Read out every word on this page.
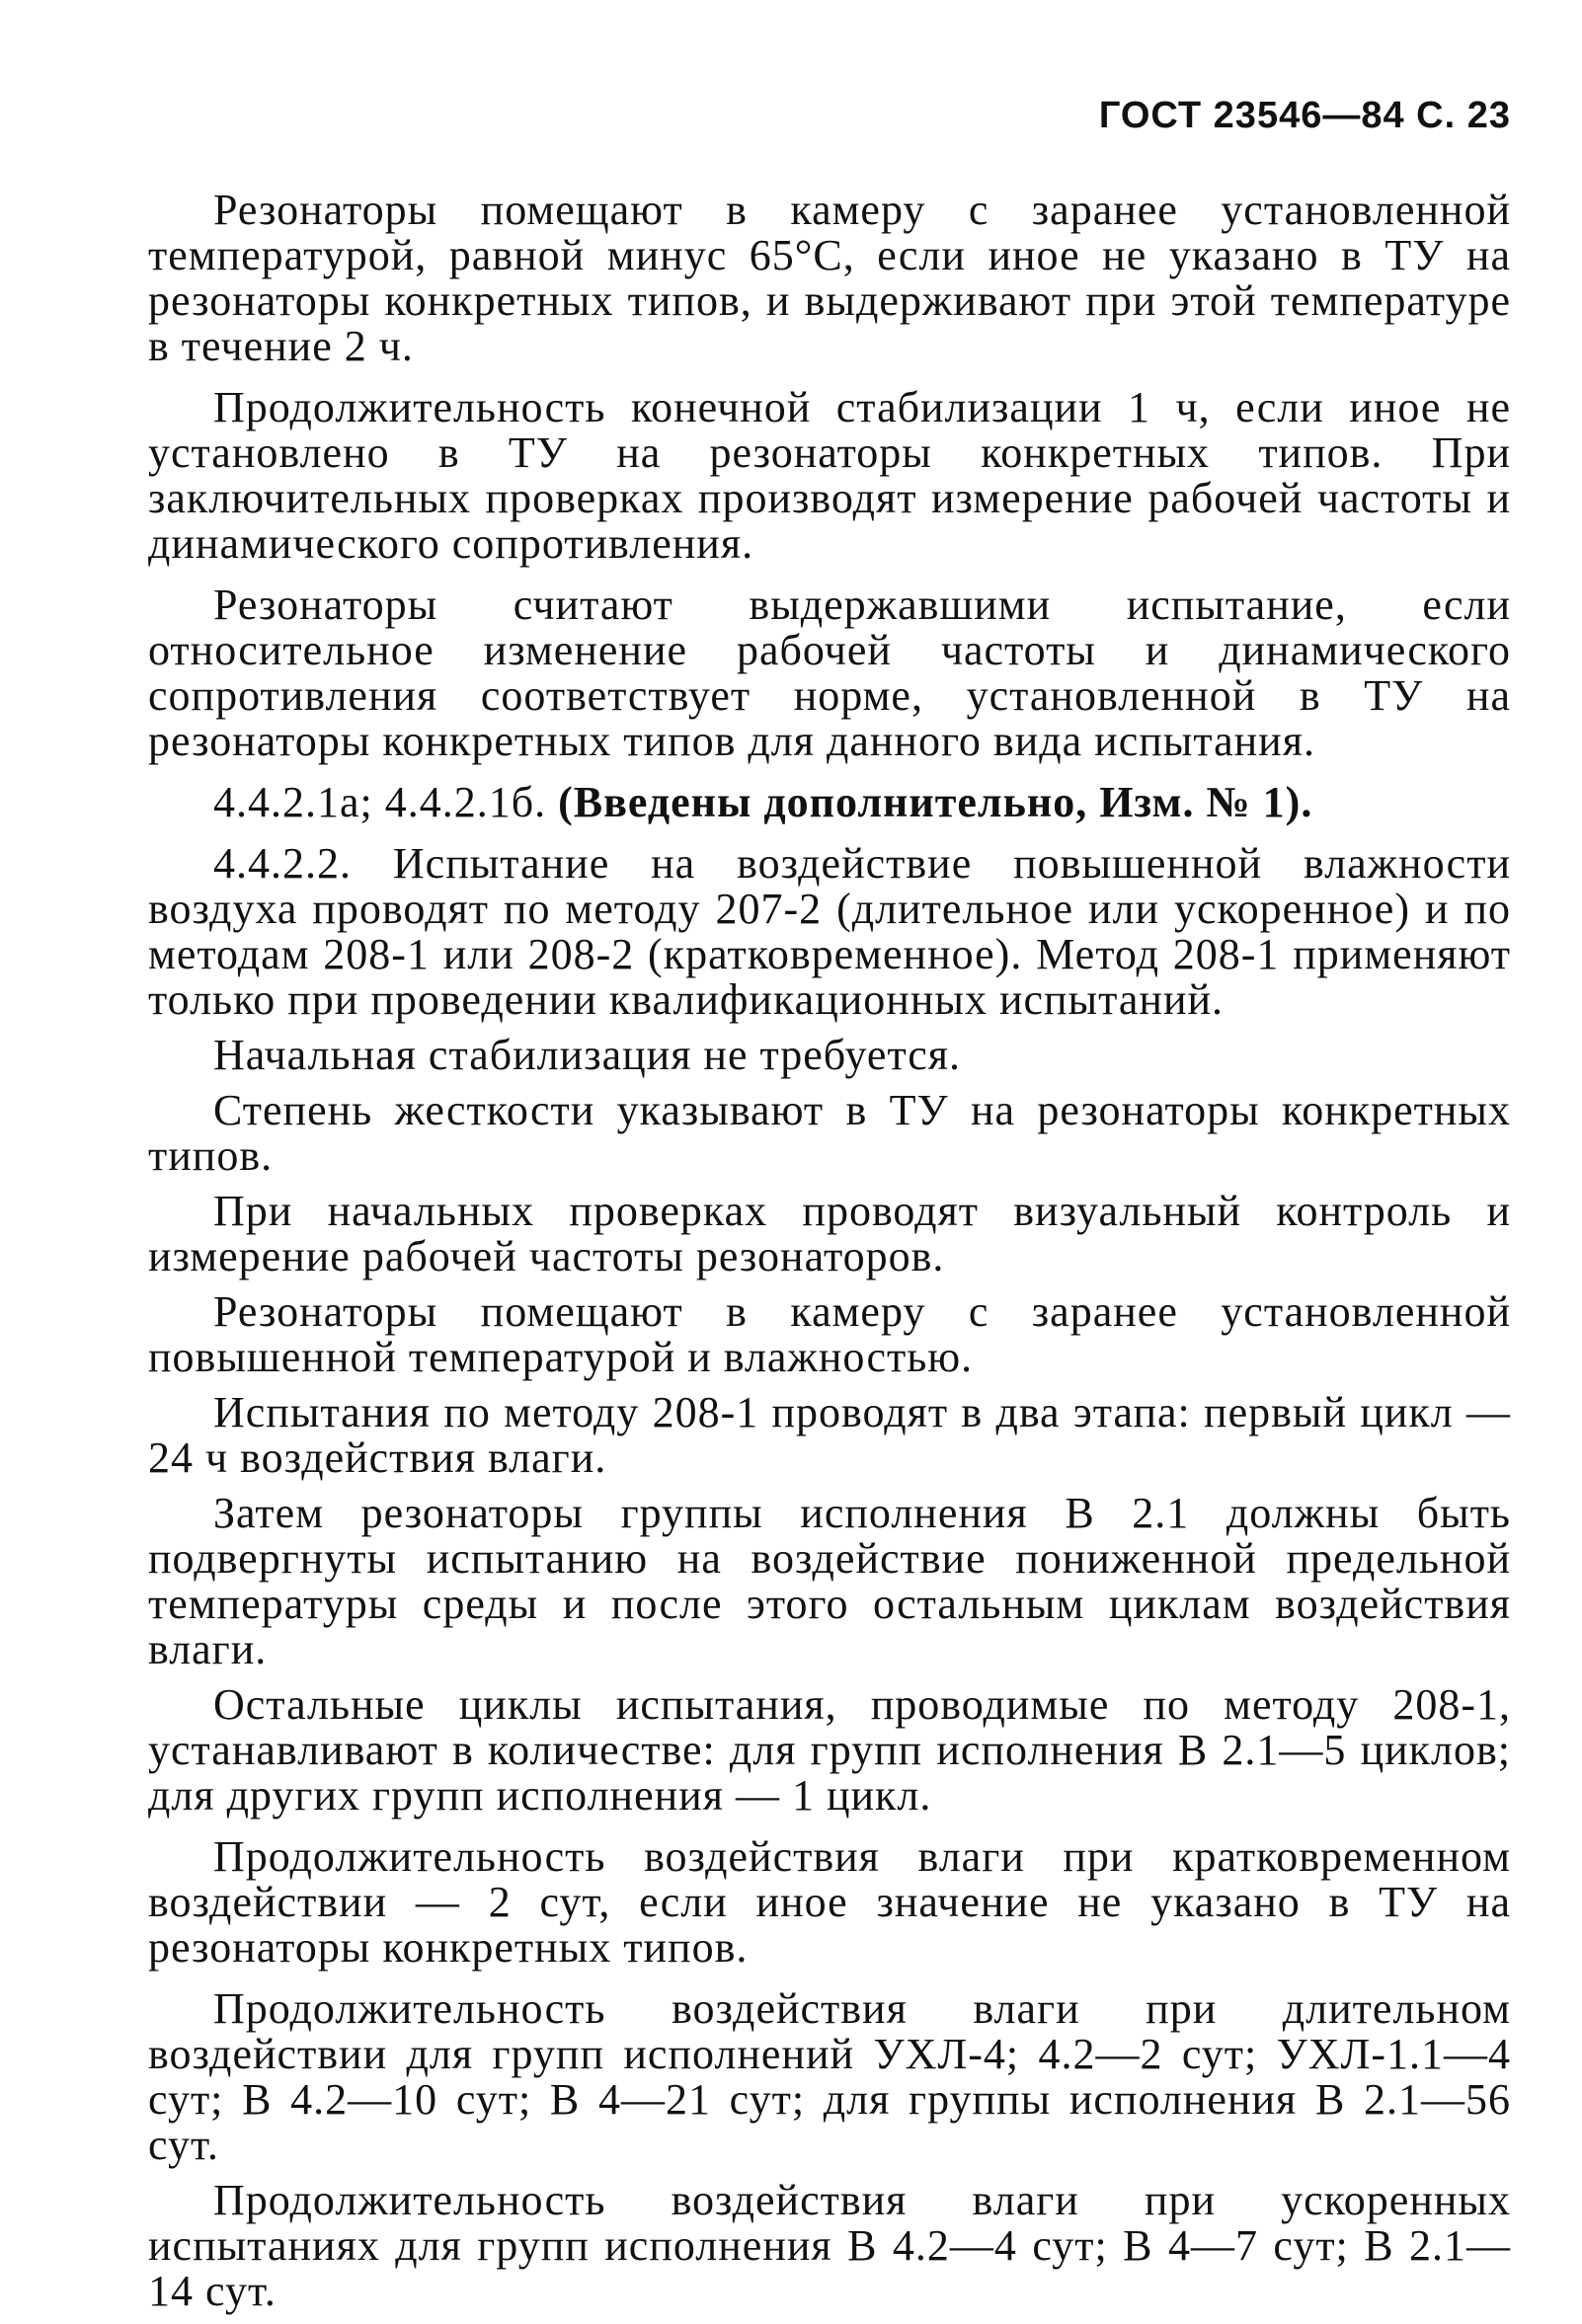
ГОСТ 23546—84 С. 23

Резонаторы помещают в камеру с заранее установленной температурой, равной минус 65°С, если иное не указано в ТУ на резонаторы конкретных типов, и выдерживают при этой температуре в течение 2 ч.

Продолжительность конечной стабилизации 1 ч, если иное не установлено в ТУ на резонаторы конкретных типов. При заключительных проверках производят измерение рабочей частоты и динамического сопротивления.

Резонаторы считают выдержавшими испытание, если относительное изменение рабочей частоты и динамического сопротивления соответствует норме, установленной в ТУ на резонаторы конкретных типов для данного вида испытания.

4.4.2.1а; 4.4.2.1б. (Введены дополнительно, Изм. № 1).

4.4.2.2. Испытание на воздействие повышенной влажности воздуха проводят по методу 207-2 (длительное или ускоренное) и по методам 208-1 или 208-2 (кратковременное). Метод 208-1 применяют только при проведении квалификационных испытаний.

Начальная стабилизация не требуется.

Степень жесткости указывают в ТУ на резонаторы конкретных типов.

При начальных проверках проводят визуальный контроль и измерение рабочей частоты резонаторов.

Резонаторы помещают в камеру с заранее установленной повышенной температурой и влажностью.

Испытания по методу 208-1 проводят в два этапа: первый цикл — 24 ч воздействия влаги.

Затем резонаторы группы исполнения В 2.1 должны быть подвергнуты испытанию на воздействие пониженной предельной температуры среды и после этого остальным циклам воздействия влаги.

Остальные циклы испытания, проводимые по методу 208-1, устанавливают в количестве: для групп исполнения В 2.1—5 циклов; для других групп исполнения — 1 цикл.

Продолжительность воздействия влаги при кратковременном воздействии — 2 сут, если иное значение не указано в ТУ на резонаторы конкретных типов.

Продолжительность воздействия влаги при длительном воздействии для групп исполнений УХЛ-4; 4.2—2 сут; УХЛ-1.1—4 сут; В 4.2—10 сут; В 4—21 сут; для группы исполнения В 2.1—56 сут.

Продолжительность воздействия влаги при ускоренных испытаниях для групп исполнения В 4.2—4 сут; В 4—7 сут; В 2.1—14 сут.
